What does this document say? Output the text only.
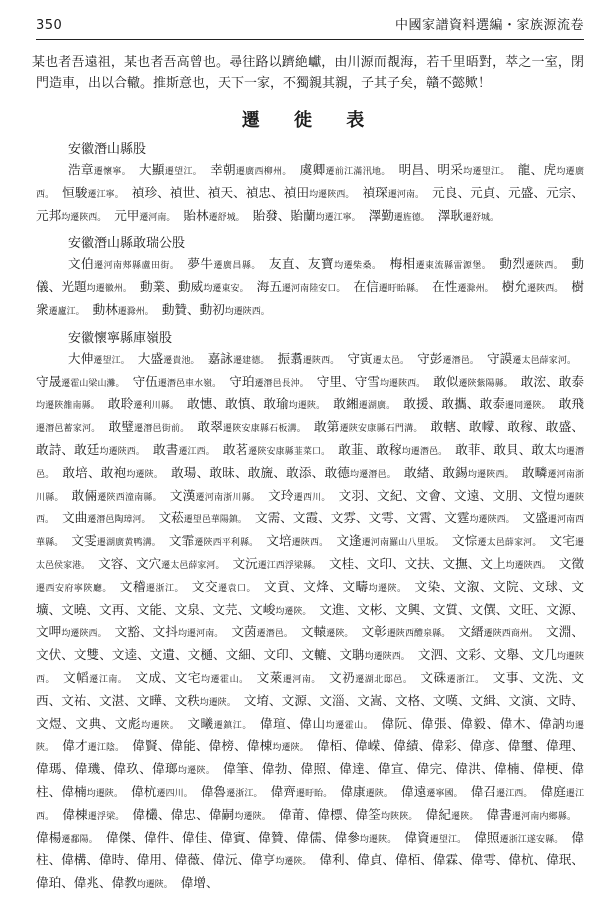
350	中國家譜資料選編・家族源流卷

某也者吾遠祖，某也者吾高曾也。尋往路以躋絶巘，由川源而覩海，若千里晤對，萃之一室，閉門造車，出以合轍。推斯意也，天下一家，不獨親其親，子其子矣，贛不懿歟！

遷 徙 表
安徽潛山縣股

浩章遷懷寧。 大顯遷望江。 幸朝遷廣西柳州。 虞卿遷前江滿汛地。 明昌、明采均遷望江。 龍、虎均遷廣西。 恒駿遷江寧。 禎珍、禎世、禎天、禎忠、禎田均遷陝西。 禎琛遷河南。 元良、元貞、元盛、元宗、元邦均遷陝西。 元甲遷河南。 貽林遷舒城。 貽發、貽蘭均遷江寧。 澤勤遷旌德。 澤耿遷舒城。

安徽潛山縣敢瑞公股

文伯遷河南郟縣盧田街。 夢牛遷廣昌縣。 友直、友寶均遷柴桑。 梅相遷東流縣雷源堡。 動烈遷陝西。 動儀、光題均遷徽州。 動業、動威均遷東安。 海五遷河南陸安口。 在信遷盱眙縣。 在性遷滁州。 樹允遷陝西。 樹衆遷廬江。 動林遷滁州。 動贊、動初均遷陝西。

安徽懷寧縣庫嶺股

大伸遷望江。 大盛遷貴池。 嘉詠遷建德。 振翥遷陝西。 守寅遷太邑。 守彭遷潛邑。 守謨遷太邑薛家河。守晟遷霍山梁山灘。 守伍遷潛邑車水嶺。 守珀遷潛邑長沖。 守里、守雪均遷陝西。 敢似遷陝紫陽縣。 敢浤、敢泰均遷陝雒南縣。 敢聆遷利川縣。 敢憓、敢慎、敢瑜均遷陝。 敢緗遷湖廣。 敢援、敢攜、敢泰遷同遷陝。 敢飛遷潛邑蓄家河。 敢璧遷潛邑街前。 敢翠遷陝安康縣石板溝。 敢第遷陝安康縣石門溝。 敢轄、敢幪、敢稼、敢盛、敢詩、敢廷均遷陝西。 敢書遷江西。 敢茗遷陝安康縣韮菜口。 敢韮、敢稼均遷潛邑。 敢菲、敢貝、敢太均遷潛邑。 敢培、敢袍均遷陝。 敢瑒、敢昧、敢旒、敢添、敢德均遷潛邑。 敢緖、敢錫均遷陝西。 敢疄遷河南浙川縣。 敢倆遷陝西潼南縣。 文漢遷河南浙川縣。 文玲遷西川。 文羽、文紀、文會、文遠、文朋、文愷均遷陝西。 文曲遷潛邑陶璋河。 文菘遷望邑華陽鎮。 文需、文霞、文雰、文雩、文霄、文霆均遷陝西。 文盛遷河南西華縣。 文雯遷湖廣黄鸭溝。 文霏遷陝西平利縣。 文培遷陝西。 文逢遷河南羅山八里坂。 文悰遷太邑薛家河。 文宅遷太邑侯家港。 文容、文穴遷太邑薛家河。 文沅遷江西浮梁縣。 文桂、文印、文扶、文撫、文上均遷陝西。 文徵遷西安府寧陝廳。 文稽遷浙江。 文交遷袁口。 文貢、文烽、文疇均遷陝。 文染、文溆、文院、文球、文壙、文曉、文再、文能、文泉、文芫、文峻均遷陝。 文進、文彬、文興、文質、文僎、文旺、文源、文呷均遷陝西。 文豁、文抖均遷河南。 文茵遷潛邑。 文轅遷陝。 文彰遷陝西醴泉縣。 文縉遷陝西商州。 文淵、文伏、文雙、文逵、文遺、文樋、文細、文印、文轆、文聃均遷陝西。 文泗、文彩、文舉、文几均遷陝西。 文幍遷江南。 文成、文宅均遷霍山。 文萊遷河南。 文礽遷湖北邸邑。 文硃遷浙江。 文事、文洗、文西、文祐、文湛、文曄、文秩均遷陝。 文堉、文源、文淄、文嵩、文格、文嘆、文緝、文演、文時、文煜、文典、文彪均遷陝。 文曦遷鎮江。 偉瑄、偉山均遷霍山。 偉阮、偉張、偉毅、偉木、偉訥均遷陝。 偉才遷江陰。 偉賢、偉能、偉榜、偉棟均遷陝。 偉栢、偉嵘、偉績、偉彩、偉彦、偉璽、偉理、偉瑪、偉璣、偉玖、偉瑯均遷陝。 偉筆、偉勃、偉照、偉達、偉宣、偉完、偉洪、偉楠、偉梗、偉柱、偉楠均遷陝。 偉杭遷四川。 偉魯遷浙江。 偉齊遷盱眙。 偉康遷陝。 偉遠遷寧國。 偉召遷江西。 偉庭遷江西。 偉棟遷浮梁。 偉欉、偉忠、偉嗣均遷陝。 偉莆、偉標、偉筌均陝陝。 偉紀遷陝。 偉書遷河南内鄉縣。偉楊遷鄱陽。 偉傑、偉件、偉佳、偉賓、偉贊、偉儒、偉參均遷陝。 偉資遷望江。 偉照遷浙江遂安縣。 偉柱、偉構、偉時、偉用、偉薇、偉沅、偉亨均遷陝。 偉利、偉貞、偉栢、偉霖、偉雩、偉杭、偉珉、偉珀、偉兆、偉教均遷陝。 偉增、
